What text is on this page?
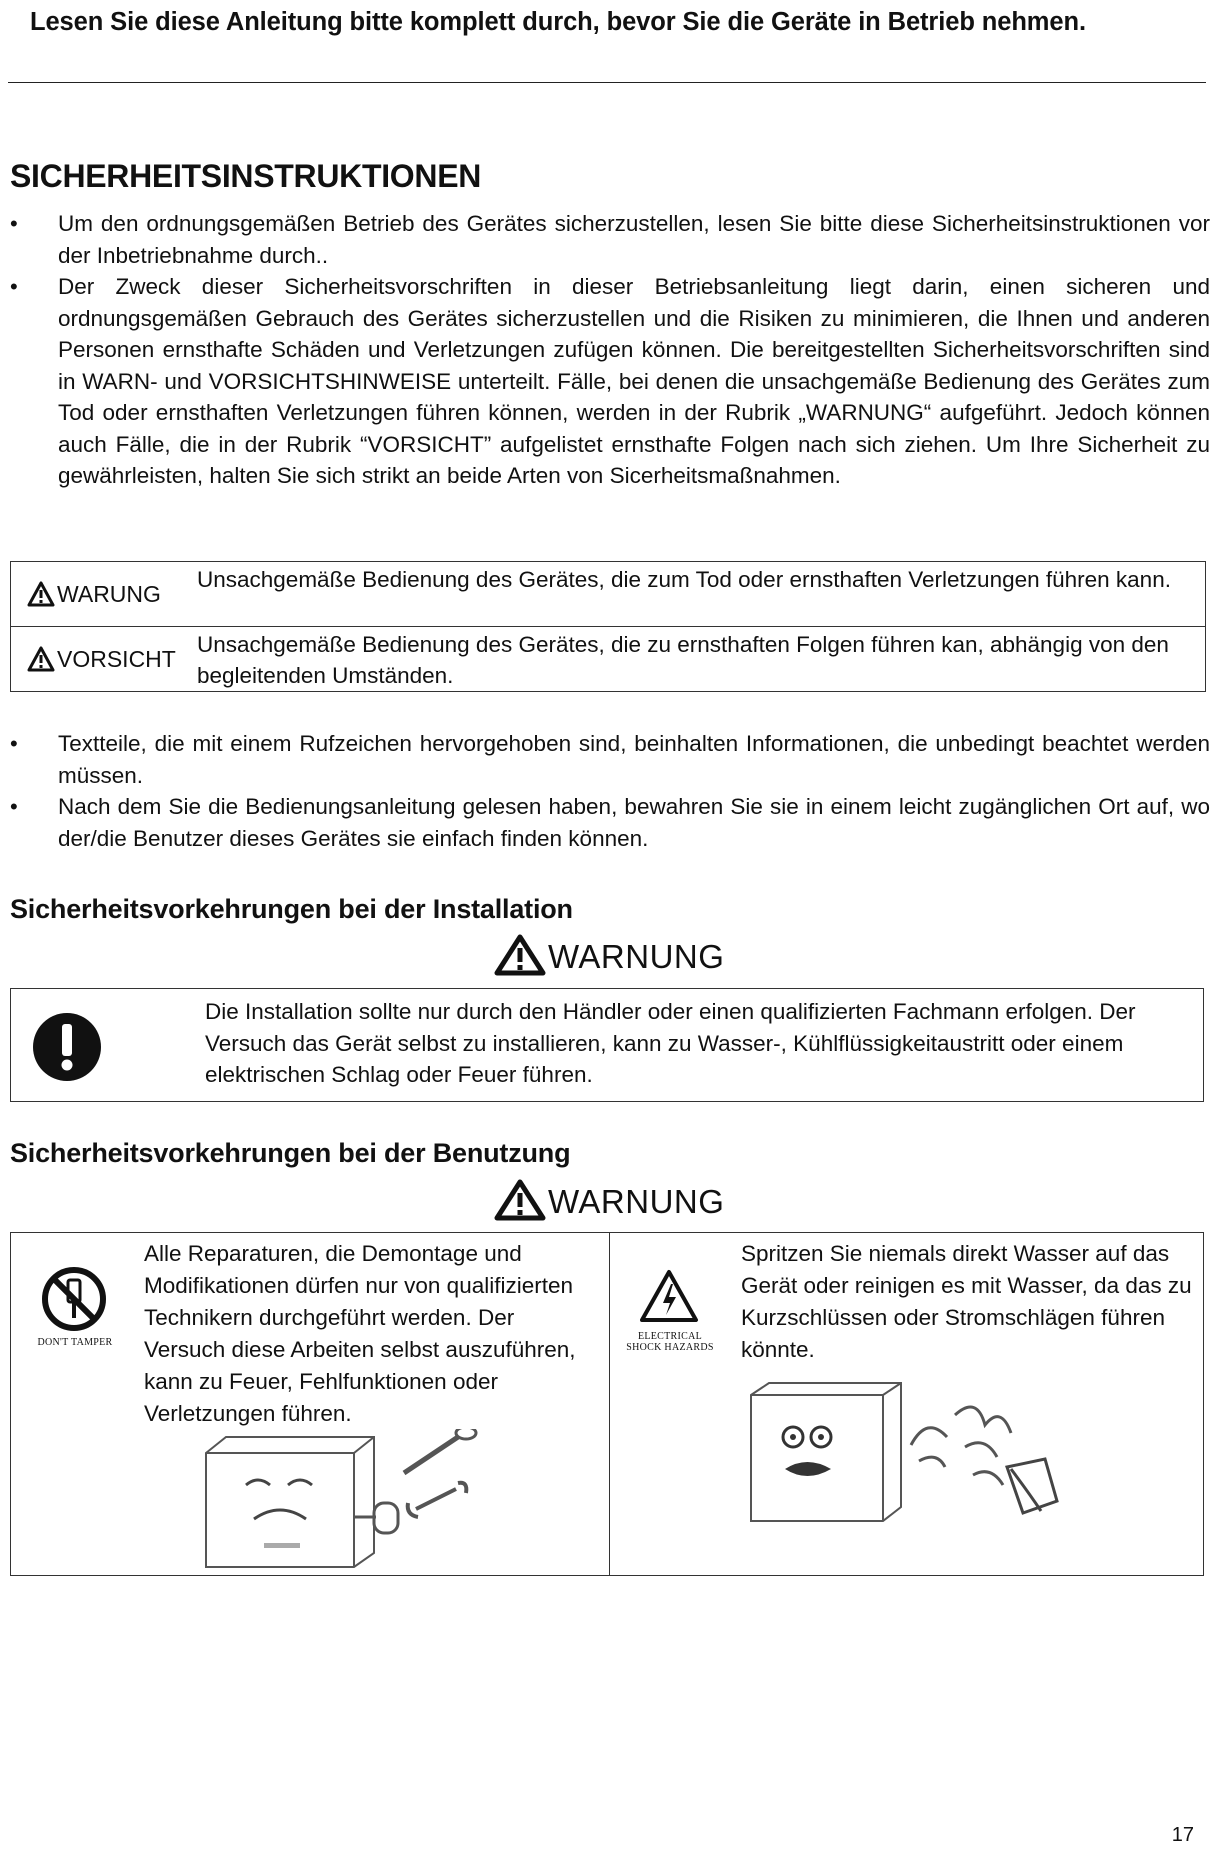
Lesen Sie diese Anleitung bitte komplett durch, bevor Sie die Geräte in Betrieb nehmen.
SICHERHEITSINSTRUKTIONEN
• Um den ordnungsgemäßen Betrieb des Gerätes sicherzustellen, lesen Sie bitte diese Sicherheitsinstruktionen vor der Inbetriebnahme durch..
• Der Zweck dieser Sicherheitsvorschriften in dieser Betriebsanleitung liegt darin, einen sicheren und ordnungsgemäßen Gebrauch des Gerätes sicherzustellen und die Risiken zu minimieren, die Ihnen und anderen Personen ernsthafte Schäden und Verletzungen zufügen können. Die bereitgestellten Sicherheitsvorschriften sind in WARN- und VORSICHTSHINWEISE unterteilt. Fälle, bei denen die unsachgemäße Bedienung des Gerätes zum Tod oder ernsthaften Verletzungen führen können, werden in der Rubrik „WARNUNG“ aufgeführt. Jedoch können auch Fälle, die in der Rubrik “VORSICHT” aufgelistet ernsthafte Folgen nach sich ziehen. Um Ihre Sicherheit zu gewährleisten, halten Sie sich strikt an beide Arten von Sicerheitsmaßnahmen.
WARUNG
Unsachgemäße Bedienung des Gerätes, die zum Tod oder ernsthaften Verletzungen führen kann.
VORSICHT
Unsachgemäße Bedienung des Gerätes, die zu ernsthaften Folgen führen kan, abhängig von den begleitenden Umständen.
• Textteile, die mit einem Rufzeichen hervorgehoben sind, beinhalten Informationen, die unbedingt beachtet werden müssen.
• Nach dem Sie die Bedienungsanleitung gelesen haben, bewahren Sie sie in einem leicht zugänglichen Ort auf, wo der/die Benutzer dieses Gerätes sie einfach finden können.
Sicherheitsvorkehrungen bei der Installation
WARNUNG
Die Installation sollte nur durch den Händler oder einen qualifizierten Fachmann erfolgen. Der Versuch das Gerät selbst zu installieren, kann zu Wasser-, Kühlflüssigkeitaustritt oder einem elektrischen Schlag oder Feuer führen.
Sicherheitsvorkehrungen bei der Benutzung
WARNUNG
DON'T TAMPER
Alle Reparaturen, die Demontage und Modifikationen dürfen nur von qualifizierten Technikern durchgeführt werden. Der Versuch diese Arbeiten selbst auszuführen, kann zu Feuer, Fehlfunktionen oder Verletzungen führen.
ELECTRICAL
SHOCK HAZARDS
Spritzen Sie niemals direkt Wasser auf das Gerät oder reinigen es mit Wasser, da das zu Kurzschlüssen oder Stromschlägen führen könnte.
17
